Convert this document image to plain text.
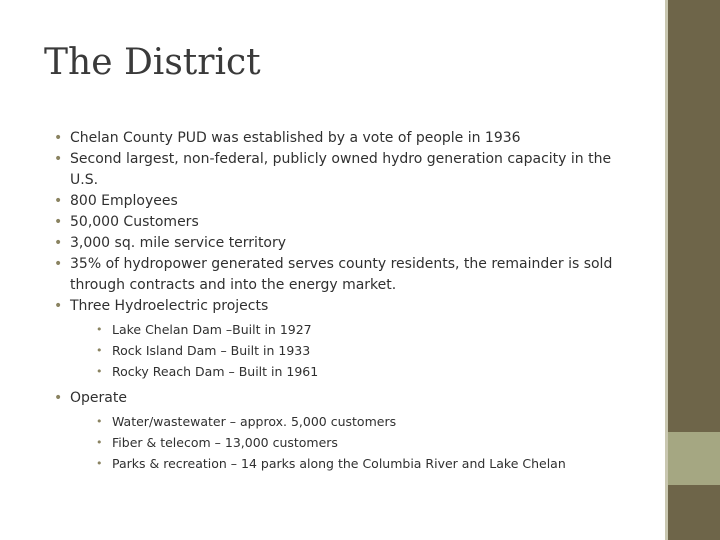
The District
• Chelan County PUD was established by a vote of people in 1936
• Second largest, non-federal, publicly owned hydro generation capacity in the U.S.
• 800 Employees
• 50,000 Customers
• 3,000 sq. mile service territory
• 35% of hydropower generated serves county residents, the remainder is sold through contracts and into the energy market.
• Three Hydroelectric projects
• Lake Chelan Dam –Built in 1927
• Rock Island Dam – Built in 1933
• Rocky Reach Dam – Built in 1961
• Operate
• Water/wastewater – approx. 5,000 customers
• Fiber & telecom – 13,000 customers
• Parks & recreation – 14 parks along the Columbia River and Lake Chelan
